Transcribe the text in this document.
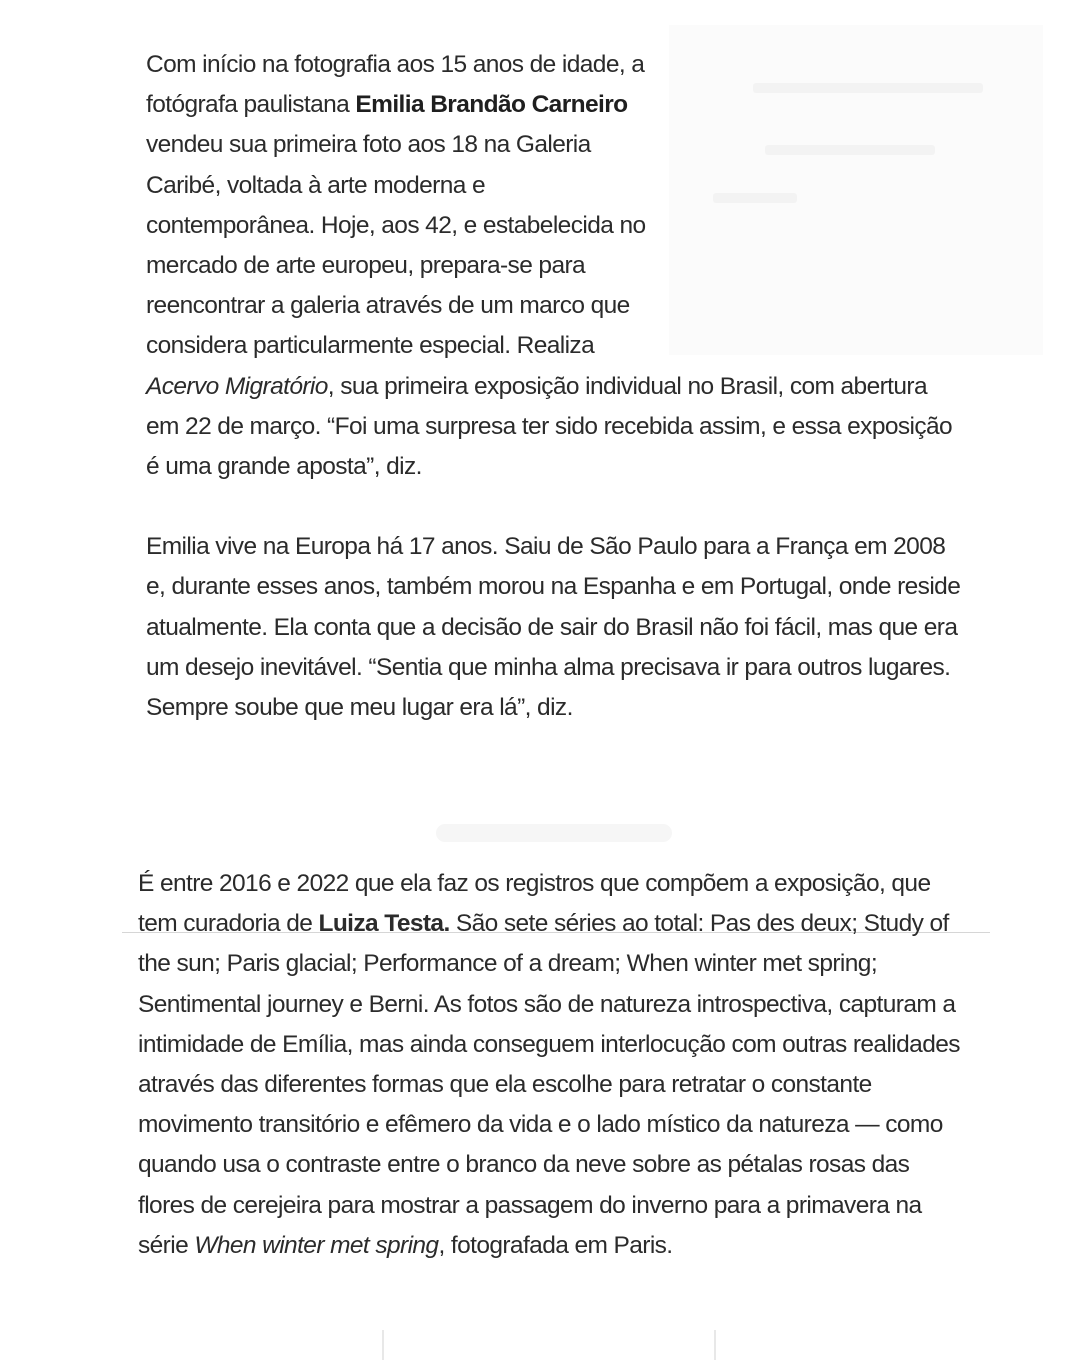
Com início na fotografia aos 15 anos de idade, a fotógrafa paulistana Emilia Brandão Carneiro vendeu sua primeira foto aos 18 na Galeria Caribé, voltada à arte moderna e contemporânea. Hoje, aos 42, e estabelecida no mercado de arte europeu, prepara-se para reencontrar a galeria através de um marco que considera particularmente especial. Realiza Acervo Migratório, sua primeira exposição individual no Brasil, com abertura em 22 de março. “Foi uma surpresa ter sido recebida assim, e essa exposição é uma grande aposta”, diz.

Emilia vive na Europa há 17 anos. Saiu de São Paulo para a França em 2008 e, durante esses anos, também morou na Espanha e em Portugal, onde reside atualmente. Ela conta que a decisão de sair do Brasil não foi fácil, mas que era um desejo inevitável. “Sentia que minha alma precisava ir para outros lugares. Sempre soube que meu lugar era lá”, diz.

É entre 2016 e 2022 que ela faz os registros que compõem a exposição, que tem curadoria de Luiza Testa. São sete séries ao total: Pas des deux; Study of the sun; Paris glacial; Performance of a dream; When winter met spring; Sentimental journey e Berni. As fotos são de natureza introspectiva, capturam a intimidade de Emília, mas ainda conseguem interlocução com outras realidades através das diferentes formas que ela escolhe para retratar o constante movimento transitório e efêmero da vida e o lado místico da natureza — como quando usa o contraste entre o branco da neve sobre as pétalas rosas das flores de cerejeira para mostrar a passagem do inverno para a primavera na série When winter met spring, fotografada em Paris.
